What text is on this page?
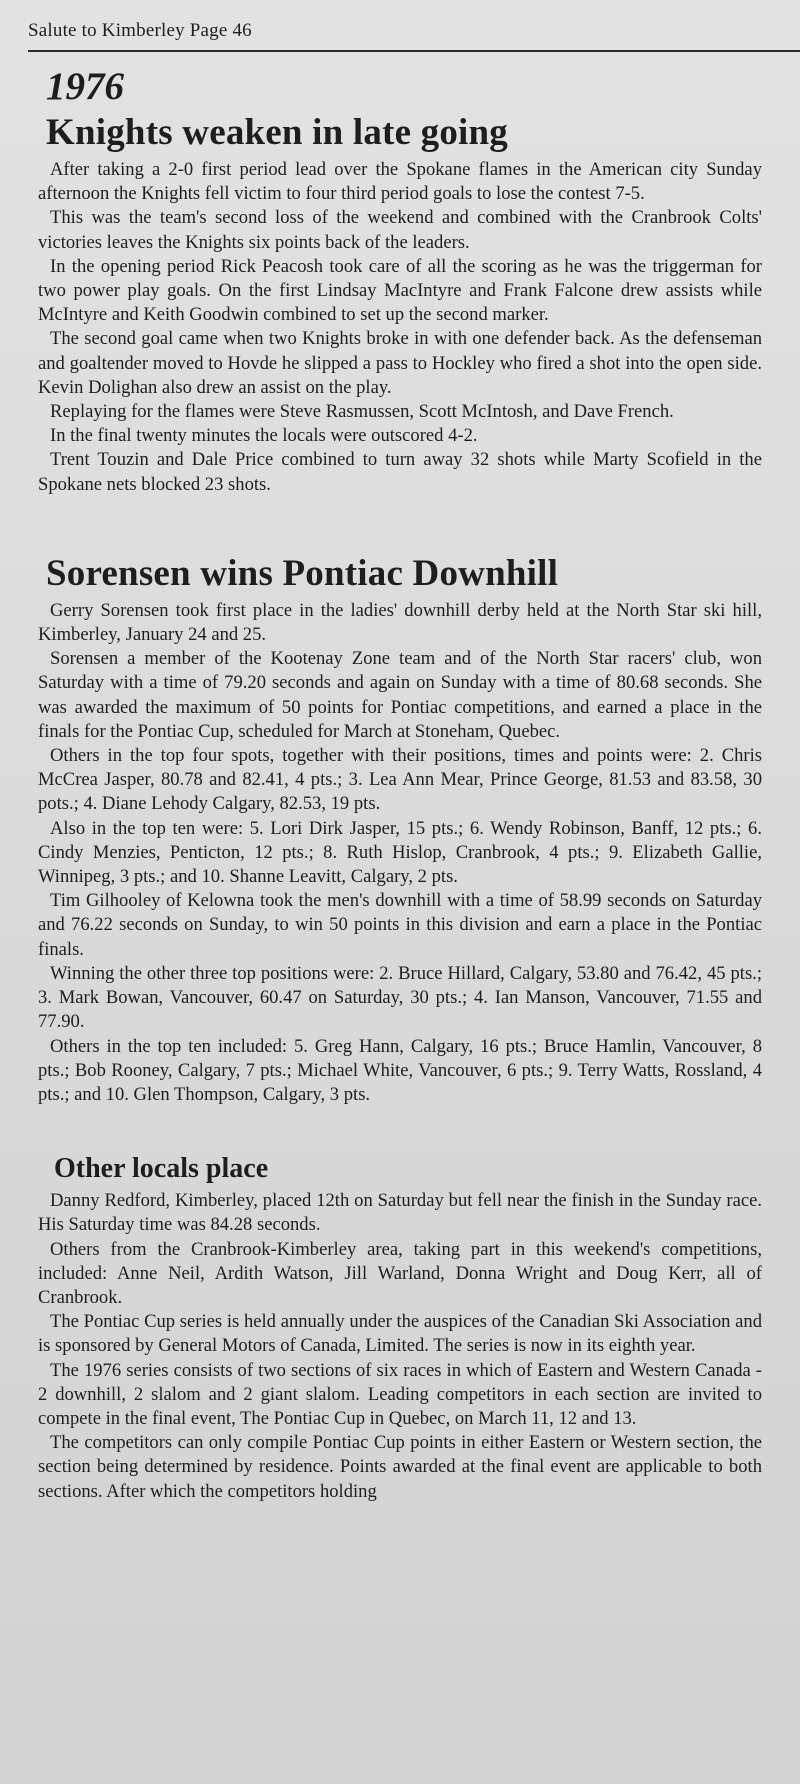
Salute to Kimberley Page 46
1976
Knights weaken in late going

After taking a 2-0 first period lead over the Spokane flames in the American city Sunday afternoon the Knights fell victim to four third period goals to lose the contest 7-5.

This was the team's second loss of the weekend and combined with the Cranbrook Colts' victories leaves the Knights six points back of the leaders.

In the opening period Rick Peacosh took care of all the scoring as he was the triggerman for two power play goals. On the first Lindsay MacIntyre and Frank Falcone drew assists while McIntyre and Keith Goodwin combined to set up the second marker.

The second goal came when two Knights broke in with one defender back. As the defenseman and goaltender moved to Hovde he slipped a pass to Hockley who fired a shot into the open side. Kevin Dolighan also drew an assist on the play.

Replaying for the flames were Steve Rasmussen, Scott McIntosh, and Dave French.

In the final twenty minutes the locals were outscored 4-2.

Trent Touzin and Dale Price combined to turn away 32 shots while Marty Scofield in the Spokane nets blocked 23 shots.

Sorensen wins Pontiac Downhill

Gerry Sorensen took first place in the ladies' downhill derby held at the North Star ski hill, Kimberley, January 24 and 25.

Sorensen a member of the Kootenay Zone team and of the North Star racers' club, won Saturday with a time of 79.20 seconds and again on Sunday with a time of 80.68 seconds. She was awarded the maximum of 50 points for Pontiac competitions, and earned a place in the finals for the Pontiac Cup, scheduled for March at Stoneham, Quebec.

Others in the top four spots, together with their positions, times and points were: 2. Chris McCrea Jasper, 80.78 and 82.41, 4 pts.; 3. Lea Ann Mear, Prince George, 81.53 and 83.58, 30 pots.; 4. Diane Lehody Calgary, 82.53, 19 pts.

Also in the top ten were: 5. Lori Dirk Jasper, 15 pts.; 6. Wendy Robinson, Banff, 12 pts.; 6. Cindy Menzies, Penticton, 12 pts.; 8. Ruth Hislop, Cranbrook, 4 pts.; 9. Elizabeth Gallie, Winnipeg, 3 pts.; and 10. Shanne Leavitt, Calgary, 2 pts.

Tim Gilhooley of Kelowna took the men's downhill with a time of 58.99 seconds on Saturday and 76.22 seconds on Sunday, to win 50 points in this division and earn a place in the Pontiac finals.

Winning the other three top positions were: 2. Bruce Hillard, Calgary, 53.80 and 76.42, 45 pts.; 3. Mark Bowan, Vancouver, 60.47 on Saturday, 30 pts.; 4. Ian Manson, Vancouver, 71.55 and 77.90.

Others in the top ten included: 5. Greg Hann, Calgary, 16 pts.; Bruce Hamlin, Vancouver, 8 pts.; Bob Rooney, Calgary, 7 pts.; Michael White, Vancouver, 6 pts.; 9. Terry Watts, Rossland, 4 pts.; and 10. Glen Thompson, Calgary, 3 pts.

Other locals place

Danny Redford, Kimberley, placed 12th on Saturday but fell near the finish in the Sunday race. His Saturday time was 84.28 seconds.

Others from the Cranbrook-Kimberley area, taking part in this weekend's competitions, included: Anne Neil, Ardith Watson, Jill Warland, Donna Wright and Doug Kerr, all of Cranbrook.

The Pontiac Cup series is held annually under the auspices of the Canadian Ski Association and is sponsored by General Motors of Canada, Limited. The series is now in its eighth year.

The 1976 series consists of two sections of six races in which of Eastern and Western Canada - 2 downhill, 2 slalom and 2 giant slalom. Leading competitors in each section are invited to compete in the final event, The Pontiac Cup in Quebec, on March 11, 12 and 13.

The competitors can only compile Pontiac Cup points in either Eastern or Western section, the section being determined by residence. Points awarded at the final event are applicable to both sections. After which the competitors holding
